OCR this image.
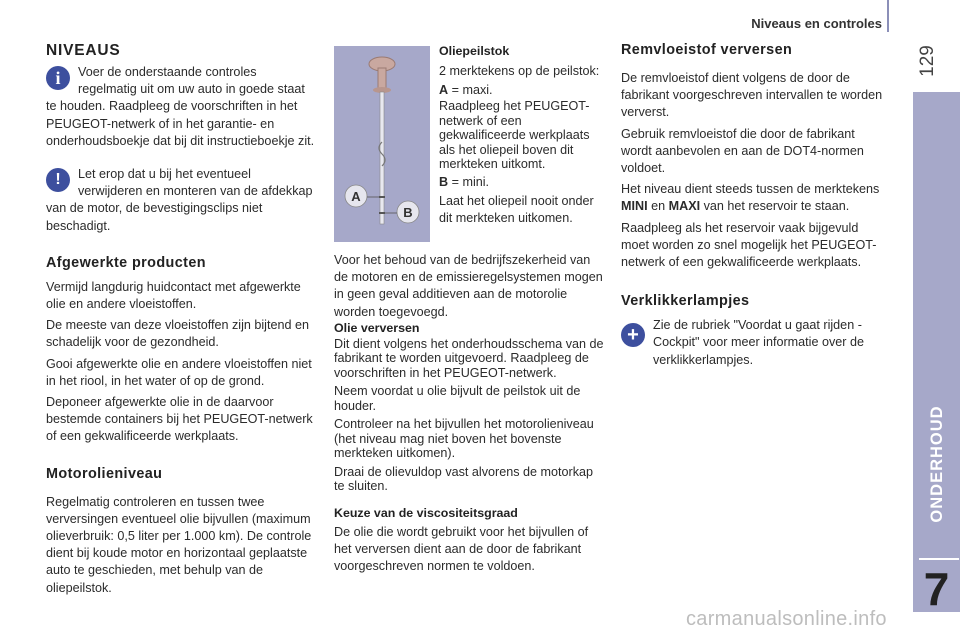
Niveaus en controles
129
ONDERHOUD
7
NIVEAUS
i	Voer de onderstaande controles regelmatig uit om uw auto in goede staat te houden. Raadpleeg de voorschriften in het PEUGEOT-netwerk of in het garantie- en onderhoudsboekje dat bij dit instructieboekje zit.
!	Let erop dat u bij het eventueel verwijderen en monteren van de afdekkap van de motor, de bevestigingsclips niet beschadigt.
Afgewerkte producten
Vermijd langdurig huidcontact met afgewerkte olie en andere vloeistoffen.
De meeste van deze vloeistoffen zijn bijtend en schadelijk voor de gezondheid.
Gooi afgewerkte olie en andere vloeistoffen niet in het riool, in het water of op de grond.
Deponeer afgewerkte olie in de daarvoor bestemde containers bij het PEUGEOT-netwerk of een gekwalificeerde werkplaats.
Motorolieniveau
Regelmatig controleren en tussen twee verversingen eventueel olie bijvullen (maximum olieverbruik: 0,5 liter per 1.000 km). De controle dient bij koude motor en horizontaal geplaatste auto te geschieden, met behulp van de oliepeilstok.
A
B
Oliepeilstok
2 merktekens op de peilstok:
A = maxi.
Raadpleeg het PEUGEOT-netwerk of een gekwalificeerde werkplaats als het oliepeil boven dit merkteken uitkomt.
B = mini.
Laat het oliepeil nooit onder dit merkteken uitkomen.
Voor het behoud van de bedrijfszekerheid van de motoren en de emissieregelsystemen mogen in geen geval additieven aan de motorolie worden toegevoegd.
Olie verversen
Dit dient volgens het onderhoudsschema van de fabrikant te worden uitgevoerd. Raadpleeg de voorschriften in het PEUGEOT-netwerk.
Neem voordat u olie bijvult de peilstok uit de houder.
Controleer na het bijvullen het motorolieniveau (het niveau mag niet boven het bovenste merkteken uitkomen).
Draai de olievuldop vast alvorens de motorkap te sluiten.
Keuze van de viscositeitsgraad
De olie die wordt gebruikt voor het bijvullen of het verversen dient aan de door de fabrikant voorgeschreven normen te voldoen.
Remvloeistof verversen
De remvloeistof dient volgens de door de fabrikant voorgeschreven intervallen te worden ververst.
Gebruik remvloeistof die door de fabrikant wordt aanbevolen en aan de DOT4-normen voldoet.
Het niveau dient steeds tussen de merktekens MINI en MAXI van het reservoir te staan.
Raadpleeg als het reservoir vaak bijgevuld moet worden zo snel mogelijk het PEUGEOT-netwerk of een gekwalificeerde werkplaats.
Verklikkerlampjes
+	Zie de rubriek "Voordat u gaat rijden - Cockpit" voor meer informatie over de verklikkerlampjes.
carmanualsonline.info
